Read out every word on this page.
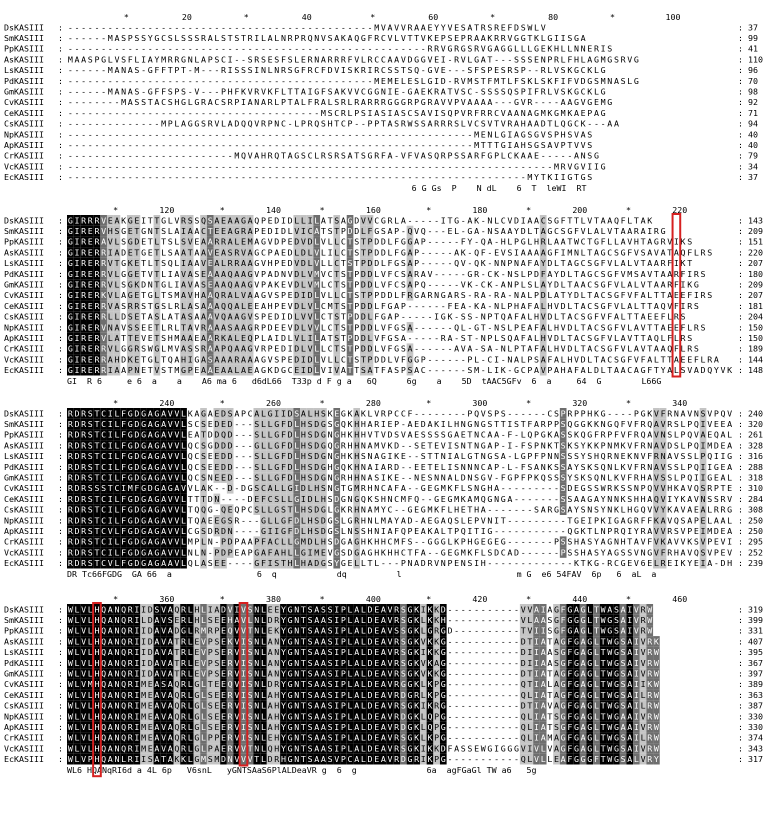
20
*	40
*	60
*	80
*	100
*
DsKASIII : - - - - - - - - - - - - - - - - - - - - - - - - - - - - - - - - - - - - - - - - - - - - - - M V A V V R A A E Y Y V E S A T R S R E F D S W L V	: 37
SmKASIII : - - - - - - M A S P S S Y G C S L S S S R A L S T S T R I L A L N R P R Q N V S A K A Q G F R C V L V T T V K E P S E P R A A K R R V G G T K L G I I S G A	: 99
PpKASIII : - - - - - - - - - - - - - - - - - - - - - - - - - - - - - - - - - - - - - - - - - - - - - - - - - - - - - - R R V G R G S R V G A G G L L L G E K H L L N N E R I S	: 41
AsKASIII : M A A S P G L V S F L I A Y M R R G N L A P S C I - - S R S E S F S L E R N A R R R F V L R C C A A V D G G V E I - R V L G A T - - - S S S E N P R L F H L A G M G S R V G	: 110
LsKASIII : - - - - - - M A N A S - G F F T P T - M - - - R I S S S I N L N R S G F R C F D V I S K R I R C S S T S Q - G V E - - - S F S P E S R S P - - R L V S K G C K L G	: 96
PdKASIII : - - - - - - - - - - - - - - - - - - - - - - - - - - - - - - - - - - - - - - - - - - - - - - M E M E L E S L G I D - R V M S T F M T L F S K L S K F I F V D G S M N A S L G	: 70
GmKASIII : - - - - - - M A N A S - G F F S P S - V - - - P H F K V R V K F L T T A I G F S A K V V C G G N I E - G A E K R A T V S C - S S S S Q S P I F R L V S K G C K L G	: 98
CvKASIII : - - - - - - - - M A S S T A C S H G L G R A C S R P I A N A R L P T A L F R A L S R L R A R R R G G G R P G R A V V P V A A A A - - - G V R - - - - A A G V G E M G	: 92
CeKASIII : - - - - - - - - - - - - - - - - - - - - - - - - - - - - - - - - - - - - - - M S C R L P S I A S I A S C S A V I S Q P V R F R R C V A A N A G M K G M K A E P A G	: 71
CsKASIII : - - - - - - - - - - - - - - M P L A G G S R V L A D Q Q V R P N C - L P R Q S H T C P - - P P T A S R W S S A R R R S L V C S V T V R A H A A D T L Q G C K - - - A A	: 94
NpKASIII : - - - - - - - - - - - - - - - - - - - - - - - - - - - - - - - - - - - - - - - - - - - - - - - - - - - - - - - - - - - - - M E N L G I A G S G V S P H S V A S	: 40
ApKASIII : - - - - - - - - - - - - - - - - - - - - - - - - - - - - - - - - - - - - - - - - - - - - - - - - - - - - - - - - - - - - - M T T T G I A H S G S A V P T V V S	: 40
CrKASIII : - - - - - - - - - - - - - - - - - - - - - - - - - M Q V A H R Q T A G S C L R S R S A T S G R F A - V F V A S Q R P S S A R F G P L C K A A E - - - - - A N S G	: 79
VcKASIII : - - - - - - - - - - - - - - - - - - - - - - - - - - - - - - - - - - - - - - - - - - - - - - - - - - - - - - - - - - - - - - - - - - - - - - - - - M R V G V I I G	: 34
EcKASIII : - - - - - - - - - - - - - - - - - - - - - - - - - - - - - - - - - - - - - - - - - - - - - - - - - - - - - - - - - - - - - - - - - - - - - M Y T K I I G T G S	: 37
6 G Gs  P    N dL    6  T  leWI  RT
120
*	140
*	160
*	180
*	200
*	220
*
DsKASIII : G I R R R V E A K G E I T T G L V R S S Q S A E A A G A Q P E D I D L L I L A T S A G D V V C G R L A - - - - - I T G - A K - N L C V D I A A C S G F T T L V T A A Q F L T A K	: 143
SmKASIII : G I R E R V H S G E T G N T S L A I A A C T E E A G R A P E D I D L V I C A T S T P D D L F G S A P - Q V Q - - - E L - G A - N S A A Y D L T A G C S G F V L A L V T A A R A I R G	: 209
PpKASIII : G I R E R A V L S G D E T L T S L S V E A A R R A L E M A G V D P E D V D L V L L C T S T P D D L F G G A P - - - - - F Y - Q A - H L P G L H R L A A T W C T G F L L A V H T A G R V I K S	: 151
AsKASIII : G I R E R R I A D E T G E T L S A A T A A V E A S R V A G C P A E D L D L V L I L C T S T P D D L F G A P - - - - - A K - Q F - E V S I A A A A G F I M N L T A G C S G F V S A V A T A Q F L R S	: 220
LsKASIII : G I R E R R V T G K E T L T S Q L I A A V E A L R R A A G V H P E D V D L V L L C T S T P D D L F G S A P - - - - - Q V - Q K - N N P N A F A Y D L T A G C S G F V L A L V T A A R F I K T	: 207
PdKASIII : G I R E R R V L G G E T V T L I A V A S E A A A Q A A G V P A D N V D L V M V C T S T P D D L V F C S A R A V - - - - - G R - C K - N S L P D F A Y D L T A G C S G F V M S A V T A A R F I R S	: 180
GmKASIII : G I R E R R V L S G K D N T G L I A V A S E A A Q A A G V P A K E V D L V M L C T S T P D D L V F C S A P Q - - - - - V K - C K - A N P L S L A Y D L T A A C S G F V L A L V T A A R F I K G	: 209
CvKASIII : G I R E R K V L A G E T G L T S M A V H A A Q R A L V A A G V S P E D I D L V L L C T S T P P D D L F R G A R N G A R S - R A - R A - N A L P D L A T Y D L T A C S G F V F A L T T A E E F I R S	: 207
CeKASIII : G I R E R R V A S R R S T G S L R L A S A A A Q Q A L E E A H P E V D L V L C M T S T P D D L F G A P - - - - - - F E A - K A - N L P H A F A L H V D L T A C S G F V L A L T T A Q V F I R S	: 181
CsKASIII : G I R E R R L L D S E T A S L A T A S A A A V Q A A G V S P E D I D L V V L C T S T P D D L F G A P - - - - - I G K - S S - N P T Q A F A L H V D L T A C S G F V F A L T T A E E F L R S	: 204
NpKASIII : G I R E R V N A V S S E E T L R L T A V R A A A S A A G R P D E E V D L V V L C T S T P D D L V F G S A - - - - - - Q L - G T - N S L P E A F A L H V D L T A C S G F V L A V T T A E E F L R S	: 150
ApKASIII : G I R E R V L A T T E V E T S H M A A E A A R K A L E Q P L A I D L V L I L A T S T P D D L V F G S A - - - - - R A - S T - N P L S Q A F A L H V D L T A C S G F V L A V T T A Q L F L R S	: 150
CrKASIII : G I R E R R V L G G R S W G L M V A S S R A A P Q A A G V R P E D I D L V L L C T S T P D D L V F G S A - - - - - - A V A - S A - N L P T A F A L H V D L T A C S G F V L A V T A A Q F L R S	: 189
VcKASIII : G I R E R R A H D K E T G L T Q A H I G A S A A A R A A A G V S P E D I D L V L L C T S T P D D L V F G G P - - - - - - P L - C I - N A L P S A F A L H V D L T A C S G F V F A L T T A E E F L R A : 144
EcKASIII : G I R E R R I A A P N E T V S T M G P E A A E A A L A E A G K D G C E I D L V I V A T T S A T F A S P S A C - - - - - - S M - L I K - G C P A V P A H A F A L D L T A A C A G F T Y A L S V A D Q Y V K : 148
GI  R 6     e 6  a    a    A6 ma 6   d6dL66  T33p d F g a   6Q      6g    a    5D  tAAC5GFv  6  a     64  G        L66G
240
*	260
*	280
*	300
*	320
*	340
*
DsKASIII : R D R S T C I L F G D G A G A V V L K A G A E D S A P C A L G I I D S A L H S K E G K A K L V R P C C F - - - - - - - - P Q V S P S - - - - - - C S P R P P H K G - - - - P G K V F R N A V N S V P Q V : 240
SmKASIII : R D R S T C I L F G D G A G A V V L S C S E D E D - - - S L L G F D L H S D G S G Q K H H A R I E P - A E D A K I L H N G N G S T T I S T F A R P P S Q G G K K N G Q F V F R Q A V R S L P Q I V E E A : 320
PpKASIII : R D R S T C I L F G D G A G A V V L E A T D D Q D - - - S L L G F D L H S D G N G H K H H V T V D S V A E S S S S G A E T N C A A - F - L Q P G K A S S K Q G F R P F V F R Q A V N S L P Q V A E Q A L : 261
AsKASIII : R D R S T C I L F G D G A G A V V L Q C S G D D D - - - G L L G F D L H S D G Q G R H H N A M V K D - - S E T E V I S N T N G A P - I - F S P N K T S K S Y K K P N M K V F R N A V D S L P Q I M D E A : 328
LsKASIII : R D R S T C I L F G D G A G A V V L Q C S E E D D - - - S L L G F D L H S D G N G H K H S N A G I K E - - S T T N I A L G T N G S A - L G P F P N N S S S Y S H Q R N E K N V F R N A V S S L P Q I I G : 316
PdKASIII : R D R S T C I L F G D G A G A V V L Q C S E E D D - - - S L L G F D L H S D G H G Q K H N A I A R D - - E E T E L I S N N N C A P - L - F S A N K S S A Y S K S Q N L K V F R N A V S S L P Q I I G E A : 288
GmKASIII : R D R S T C I L F G D G A G A V V L Q C S N E E D - - - S L L G F D L H S D G N G R H H N A S I K E - - N E S N N A L D N S G V - F G P F P K Q S S S Y S K S Q N L K V F R H A V S S L P Q I I G E A L : 318
CvKASIII : R D R S S S T C I M F G D G A G A V V L A K - - D - D G S C A L L G I D L H S N G T G M R H N C A F A - - G E G M K F L S N G H A - - - - - - - - - S D E G S S W R K S S N P Q V V H K A V Q S R P T E : 310
CeKASIII : R D R S T C I L F G D G A G A V V L T T T D N - - - - D E F C S L L G I D L H S D G N G Q K S H N C M F Q - - G E G M K A M Q G N G A - - - - - - - S S A A G A Y N N K S H H A Q V I Y K A V N S S R V : 284
CsKASIII : R D R S T C I L F G D G A G A V V L T Q Q G - Q E Q P C S L L G S T L H S D G L G K R H N A M Y C - - G E G M K F L H E T H A - - - - - - - S A R G S A Y S N S Y N K L H G Q V V Y K A V A E A L R R G : 308
NpKASIII : R D R S T C I L F G D G A G A V V L T Q A E E G S R - - - G L L G F D L H S D G S L G R H N L M A Y A D - A E G A Q S L E P V N I T - - - - - - - - - T G E I P K I G A G R F F K A V Q S A P E L A A L : 250
ApKASIII : R D R S T C V L F G D G A G A V V L C G S D R D N - - - - G I I G F D L H S D G S L N S S H N I A F Q P E A K A L T P Q I T I G - - - - - - - - - - - Q G K T L N P R Q I Y R A V V R S V P E I M D E A : 250
CrKASIII : R D R S T C I L F G D G A G A V V L M P L N - P D P A A P F A C L L G M D L H S D G A G H K H H C M F S - - G G G L K P H G E G E G - - - - - - - P S S H A S Y A G N H T A V F V K A V V K S V P E V I : 295
VcKASIII : R D R S T C I L F G D G A G A V V L N L N - P D P E A P G A F A H L L G I M E V G S D G A G H K H H C T F A - - G E G M K F L S D C A D - - - - - - P S S H A S Y A G S S V N G V F R H A V Q S V P E V : 252
EcKASIII : R D R S T C V L F G D G A G A A V L Q L A S E E - - - - G F I S T H L H A D G S Y G E L L T L - - - P N A D R V N P E N S I H - - - - - - - - - - - - - K T K G - R C G E V 6 E L R E I K Y E I A - D H : 239
DR Tc66FGDG  GA 66  a                 6  q            dq          l                       m G  e6 54FAV  6p   6  aL  a
360
*	380
*	400
*	420
*	440
*	460
*
DsKASIII : W L V L H Q A N Q R I I D S V A Q R L H L I A D V I V S N L E E Y G N T S A S S I P L A L D E A V R S G K I K K D - - - - - - - - - - - V V A I A G F G A G L T W A S A I V R W	: 319
SmKASIII : W L V L H Q A N Q R I L D A V S E R L H L S E E H A V L N L D R Y G N T S A A S I P L A L D E A V R S G K L K K H - - - - - - - - - - - V L A A S G F G G G L T W G S A I V R W	: 399
PpKASIII : W L V L H Q A N Q R I I D A V A D G L R M R P E Q V V T N L E K Y G N T S A A S I P L A L D E A V S S G K L G R G D - - - - - - - - - - T V I I S G F G A G L T W G S A I V R W	: 331
AsKASIII : W L V L H Q A N Q R I I D A V A T R L E V P S E K V I S N L A N Y G N T S A A S I P L A L D E A V R S G K V K K G - - - - - - - - - - - D T I A T A G F G A G L T W G S A I V R K	: 407
LsKASIII : W L V L H Q A N Q R I I D A V A T R L E V P S E R V I S N L A N Y G N T S A A S I P L A L D E A V R S G K I K K G - - - - - - - - - - - D I I A A S G F G A G L T W G S A I V R W	: 395
PdKASIII : W L V L H Q A N Q R I I D A V A T R L E V P S E R V I S N L A N Y G N T S A A S I P L A L D E A V R S G K V K A G - - - - - - - - - - - D I I A A S G F G A G L T W G S A I V R W	: 367
GmKASIII : W L V L H Q A N Q R I I D A V A T R L E V P S E R V I S N L A N Y G N T S A A S I P L A L D E A V R S G K V K K G - - - - - - - - - - - D T I A T A G F G A G L T W G S A I V R W	: 397
CvKASIII : W L V M H Q A N Q R I M E A S A Q R L G L T E E Q V I S N L D R Y G N T S A A S I P L A L D E A V R G G K L K P G - - - - - - - - - - - Q T I A L A G F G A G L T W G S A I I K W	: 389
CeKASIII : W L V L H Q A N Q R I M E A V A Q R L G L S E E R V I S N L A H Y G N T S A A S I P L A L D E A V R D G R L K P G - - - - - - - - - - - Q L I A T A G F G A G L T W G S A I L R W	: 363
CsKASIII : W L V L H Q A N Q R I M E A V A Q R L G L S E E R V I S N L A H Y G N T S A A S I P L A L D E A V R S G K I K R G - - - - - - - - - - - D T I A V A G F G A G L T W G S A I L R W	: 387
NpKASIII : W L V L H Q A N Q R I M E A V A Q R L G L S E E R V I S N L A H Y G N T S A A S I P L A L D E A V R D G K L Q P G - - - - - - - - - - - Q L I A T S G F G A G L T W G A A I V R W	: 330
ApKASIII : W L V L H Q A N Q R I M E A V A Q R L G L S E E R V I S N L A H Y G N T S A A S I P L A L D E A V R D G K L Q P G - - - - - - - - - - - Q L I A T S G F G A G L T W G A A I V R W	: 330
CrKASIII : W L V L H Q A N Q R I M E A V A Q R L G L P P E R V I S N L E H Y G N T S A A S I P L A L D E A V R S G K L K P G - - - - - - - - - - - Q L I A M A G F G A G L T W G S A I L R W	: 374
VcKASIII : W L V L H Q A N Q R I M E A V A Q R L G L P A E R V V T N L Q H Y G N T S A A S I P L A L D E A V R S G K I K K D F A S S E W G I G G G V I V L V A G F G A G L T W G S A I V R W	: 343
EcKASIII : W L V P H Q A N L R I I S A T A K K L G M S M D N V V V T L D R H G N T S A A S V P C A L D E A V R D G R I K P G - - - - - - - - - - - Q L V L L E A F G G G F T W G S A L V R Y	: 317
WL6 HQANqRI6d a 4L 6p   V6snL   yGNTSAaS6PlALDeaVR g  6  g              6a  agFGaGl TW a6   5g
